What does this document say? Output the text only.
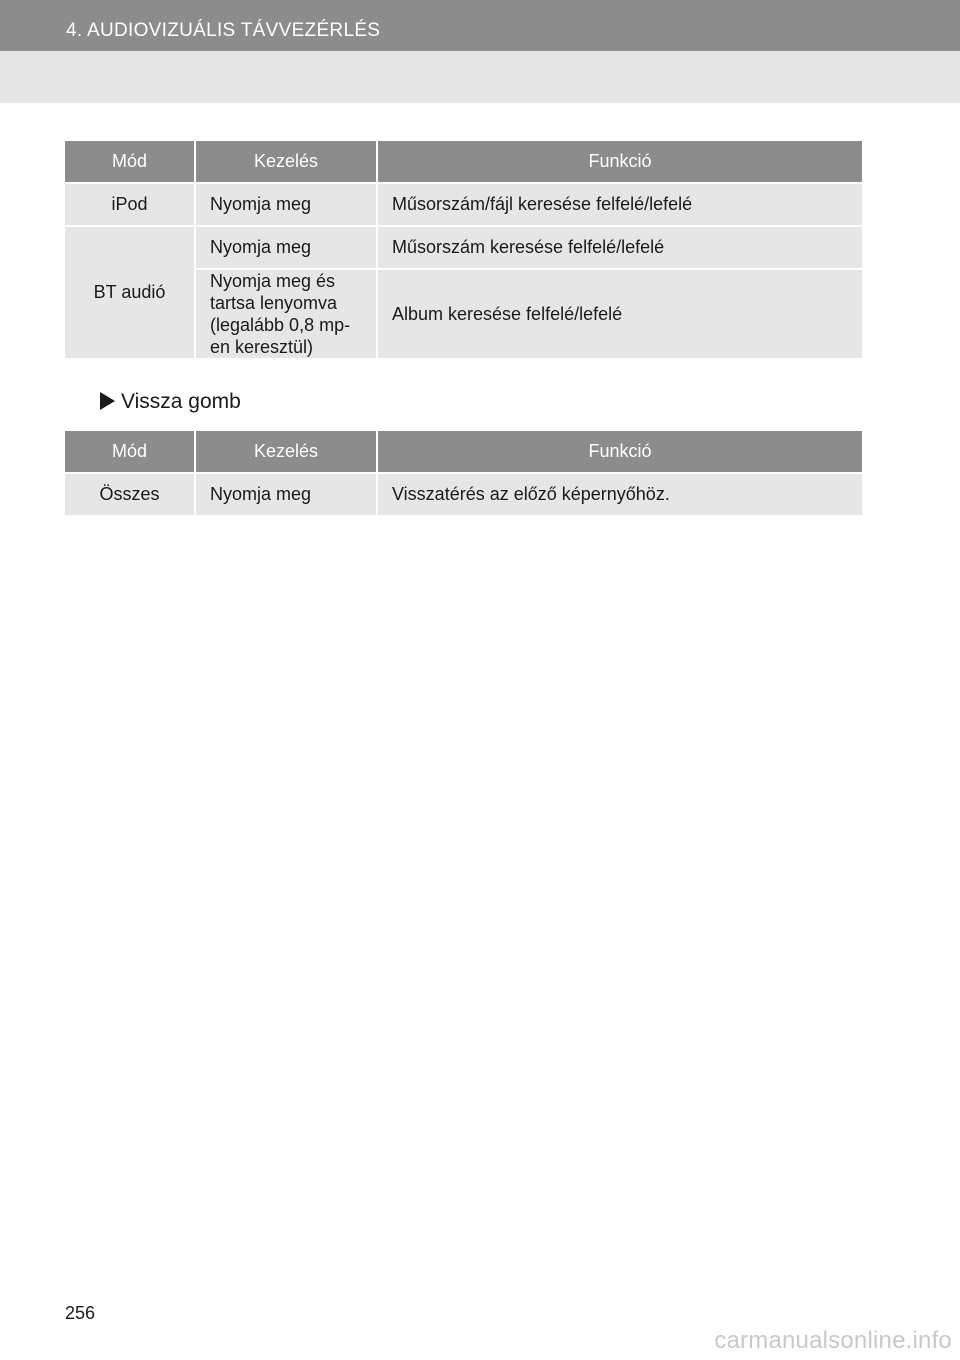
4. AUDIOVIZUÁLIS TÁVVEZÉRLÉS
Mód	Kezelés	Funkció
iPod	Nyomja meg	Műsorszám/fájl keresése felfelé/lefelé
BT audió	Nyomja meg	Műsorszám keresése felfelé/lefelé

	Nyomja meg és
tartsa lenyomva
(legalább 0,8 mp-
en keresztül)	Album keresése felfelé/lefelé
Vissza gomb
Mód	Kezelés	Funkció
Összes	Nyomja meg	Visszatérés az előző képernyőhöz.
256
carmanualsonline.info
